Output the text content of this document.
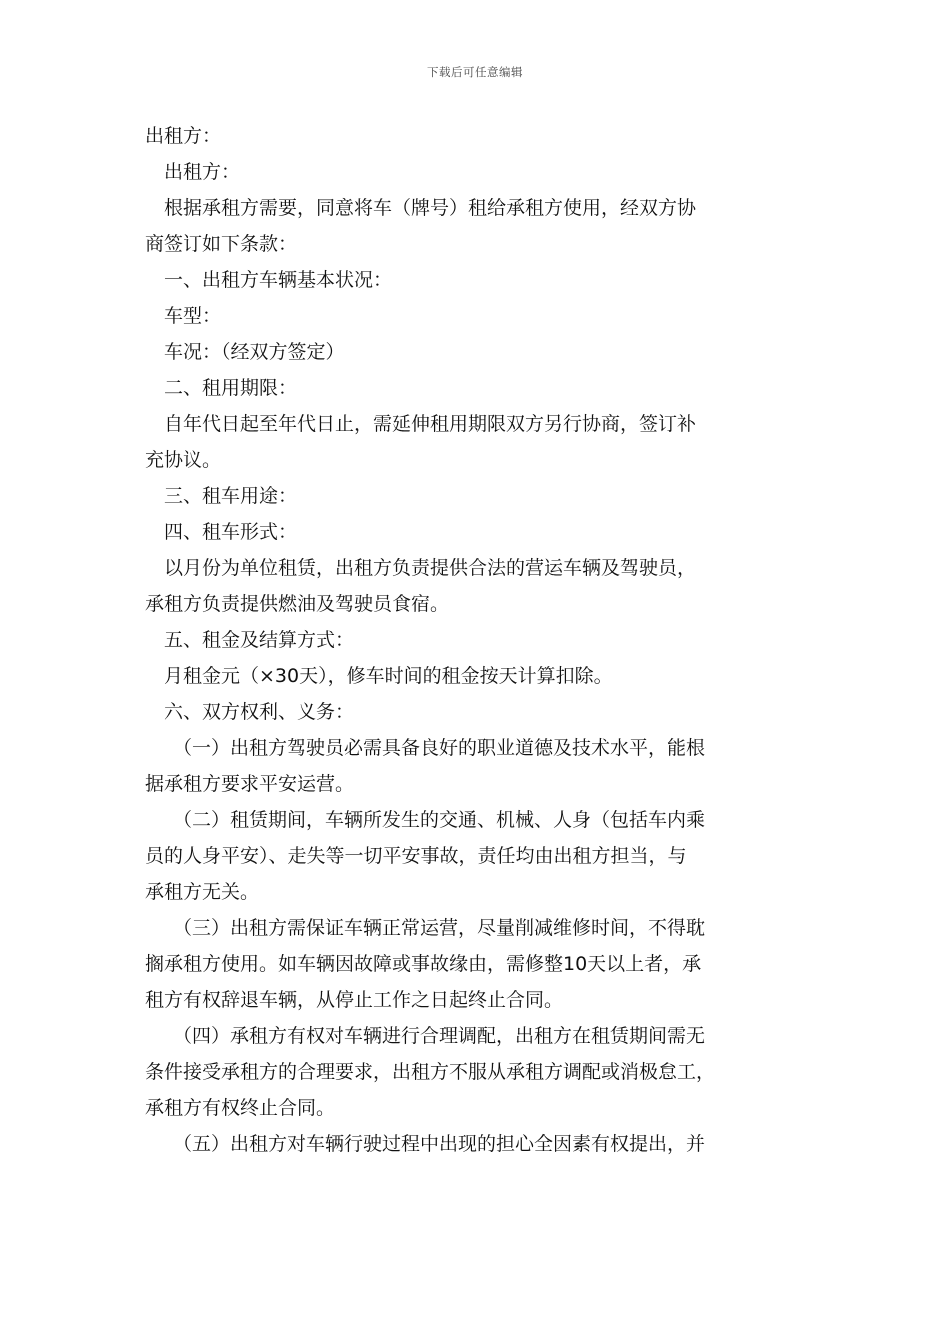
下载后可任意编辑
出租方：
出租方：
根据承租方需要，同意将车（牌号）租给承租方使用，经双方协
商签订如下条款：
一、出租方车辆基本状况：
车型：
车况：（经双方签定）
二、租用期限：
自年代日起至年代日止，需延伸租用期限双方另行协商，签订补
充协议。
三、租车用途：
四、租车形式：
以月份为单位租赁，出租方负责提供合法的营运车辆及驾驶员，
承租方负责提供燃油及驾驶员食宿。
五、租金及结算方式：
月租金元（×30天），修车时间的租金按天计算扣除。
六、双方权利、义务：
（一）出租方驾驶员必需具备良好的职业道德及技术水平，能根
据承租方要求平安运营。
（二）租赁期间，车辆所发生的交通、机械、人身（包括车内乘
员的人身平安）、走失等一切平安事故，责任均由出租方担当，与
承租方无关。
（三）出租方需保证车辆正常运营，尽量削减维修时间，不得耽
搁承租方使用。如车辆因故障或事故缘由，需修整10天以上者，承
租方有权辞退车辆，从停止工作之日起终止合同。
（四）承租方有权对车辆进行合理调配，出租方在租赁期间需无
条件接受承租方的合理要求，出租方不服从承租方调配或消极怠工，
承租方有权终止合同。
（五）出租方对车辆行驶过程中出现的担心全因素有权提出，并
